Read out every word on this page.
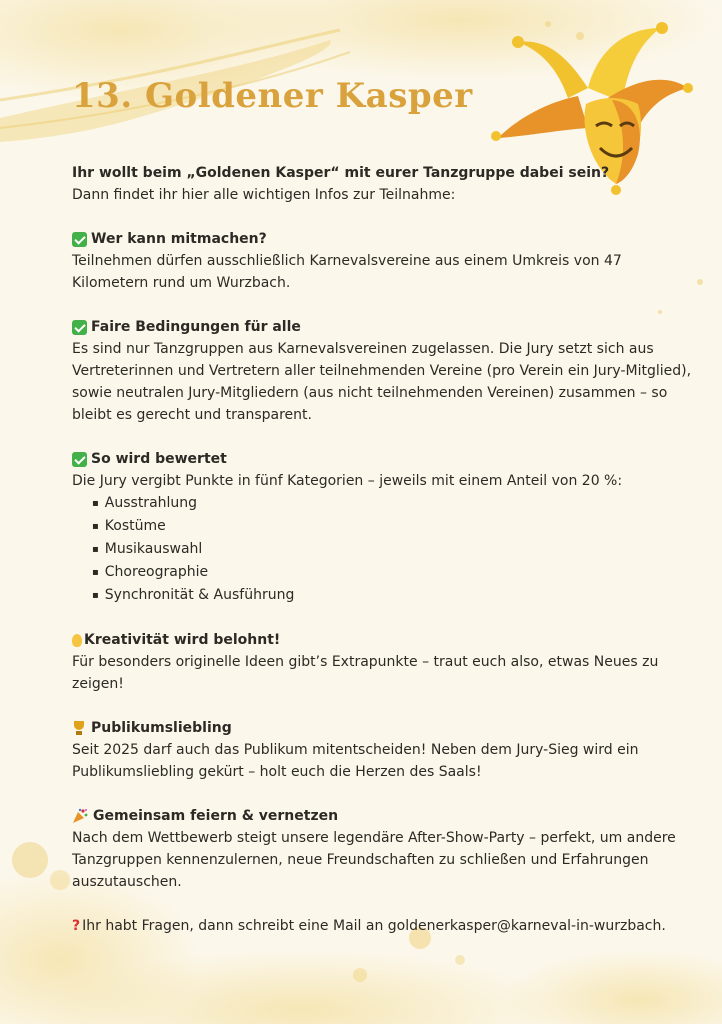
13. Goldener Kasper

Ihr wollt beim „Goldenen Kasper“ mit eurer Tanzgruppe dabei sein?

Dann findet ihr hier alle wichtigen Infos zur Teilnahme:

Wer kann mitmachen?

Teilnehmen dürfen ausschließlich Karnevalsvereine aus einem Umkreis von 47 Kilometern rund um Wurzbach.

Faire Bedingungen für alle

Es sind nur Tanzgruppen aus Karnevalsvereinen zugelassen. Die Jury setzt sich aus Vertreterinnen und Vertretern aller teilnehmenden Vereine (pro Verein ein Jury-Mitglied), sowie neutralen Jury-Mitgliedern (aus nicht teilnehmenden Vereinen) zusammen – so bleibt es gerecht und transparent.

So wird bewertet

Die Jury vergibt Punkte in fünf Kategorien – jeweils mit einem Anteil von 20 %:

▪ Ausstrahlung
▪ Kostüme
▪ Musikauswahl
▪ Choreographie
▪ Synchronität & Ausführung
Kreativität wird belohnt!

Für besonders originelle Ideen gibt’s Extrapunkte – traut euch also, etwas Neues zu zeigen!

Publikumsliebling

Seit 2025 darf auch das Publikum mitentscheiden! Neben dem Jury-Sieg wird ein Publikumsliebling gekürt – holt euch die Herzen des Saals!

Gemeinsam feiern & vernetzen

Nach dem Wettbewerb steigt unsere legendäre After-Show-Party – perfekt, um andere Tanzgruppen kennenzulernen, neue Freundschaften zu schließen und Erfahrungen auszutauschen.

? Ihr habt Fragen, dann schreibt eine Mail an goldenerkasper@karneval-in-wurzbach.
